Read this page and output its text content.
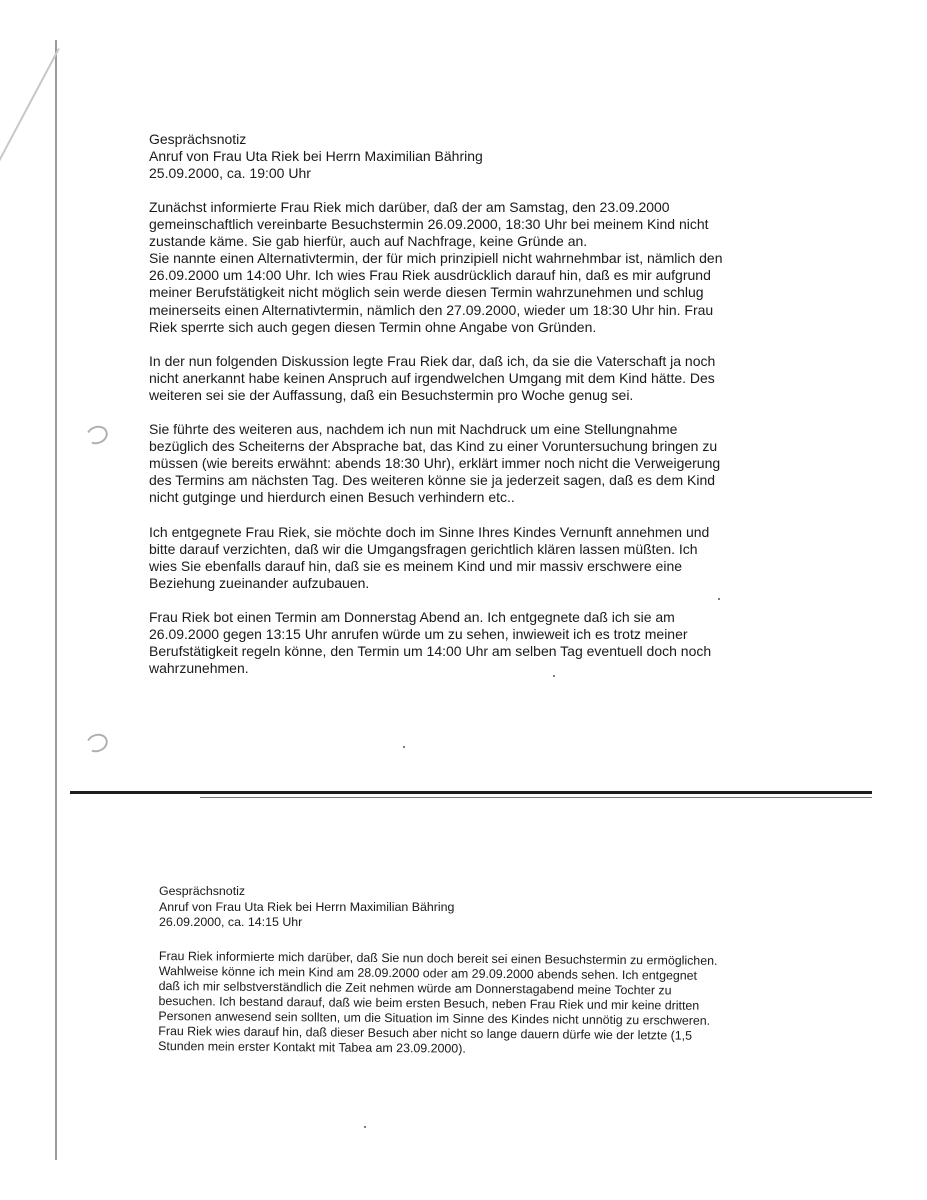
Gesprächsnotiz

Anruf von Frau Uta Riek bei Herrn Maximilian Bähring

25.09.2000, ca. 19:00 Uhr

Zunächst informierte Frau Riek mich darüber, daß der am Samstag, den 23.09.2000
gemeinschaftlich vereinbarte Besuchstermin 26.09.2000, 18:30 Uhr bei meinem Kind nicht
zustande käme. Sie gab hierfür, auch auf Nachfrage, keine Gründe an.
Sie nannte einen Alternativtermin, der für mich prinzipiell nicht wahrnehmbar ist, nämlich den
26.09.2000 um 14:00 Uhr. Ich wies Frau Riek ausdrücklich darauf hin, daß es mir aufgrund
meiner Berufstätigkeit nicht möglich sein werde diesen Termin wahrzunehmen und schlug
meinerseits einen Alternativtermin, nämlich den 27.09.2000, wieder um 18:30 Uhr hin. Frau
Riek sperrte sich auch gegen diesen Termin ohne Angabe von Gründen.

In der nun folgenden Diskussion legte Frau Riek dar, daß ich, da sie die Vaterschaft ja noch
nicht anerkannt habe keinen Anspruch auf irgendwelchen Umgang mit dem Kind hätte. Des
weiteren sei sie der Auffassung, daß ein Besuchstermin pro Woche genug sei.

Sie führte des weiteren aus, nachdem ich nun mit Nachdruck um eine Stellungnahme
bezüglich des Scheiterns der Absprache bat, das Kind zu einer Voruntersuchung bringen zu
müssen (wie bereits erwähnt: abends 18:30 Uhr), erklärt immer noch nicht die Verweigerung
des Termins am nächsten Tag. Des weiteren könne sie ja jederzeit sagen, daß es dem Kind
nicht gutginge und hierdurch einen Besuch verhindern etc..

Ich entgegnete Frau Riek, sie möchte doch im Sinne Ihres Kindes Vernunft annehmen und
bitte darauf verzichten, daß wir die Umgangsfragen gerichtlich klären lassen müßten. Ich
wies Sie ebenfalls darauf hin, daß sie es meinem Kind und mir massiv erschwere eine
Beziehung zueinander aufzubauen.

Frau Riek bot einen Termin am Donnerstag Abend an. Ich entgegnete daß ich sie am
26.09.2000 gegen 13:15 Uhr anrufen würde um zu sehen, inwieweit ich es trotz meiner
Berufstätigkeit regeln könne, den Termin um 14:00 Uhr am selben Tag eventuell doch noch
wahrzunehmen.

Gesprächsnotiz

Anruf von Frau Uta Riek bei Herrn Maximilian Bähring

26.09.2000, ca. 14:15 Uhr

Frau Riek informierte mich darüber, daß Sie nun doch bereit sei einen Besuchstermin zu ermöglichen.
Wahlweise könne ich mein Kind am 28.09.2000 oder am 29.09.2000 abends sehen. Ich entgegnet
daß ich mir selbstverständlich die Zeit nehmen würde am Donnerstagabend meine Tochter zu
besuchen. Ich bestand darauf, daß wie beim ersten Besuch, neben Frau Riek und mir keine dritten
Personen anwesend sein sollten, um die Situation im Sinne des Kindes nicht unnötig zu erschweren.
Frau Riek wies darauf hin, daß dieser Besuch aber nicht so lange dauern dürfe wie der letzte (1,5
Stunden mein erster Kontakt mit Tabea am 23.09.2000).
